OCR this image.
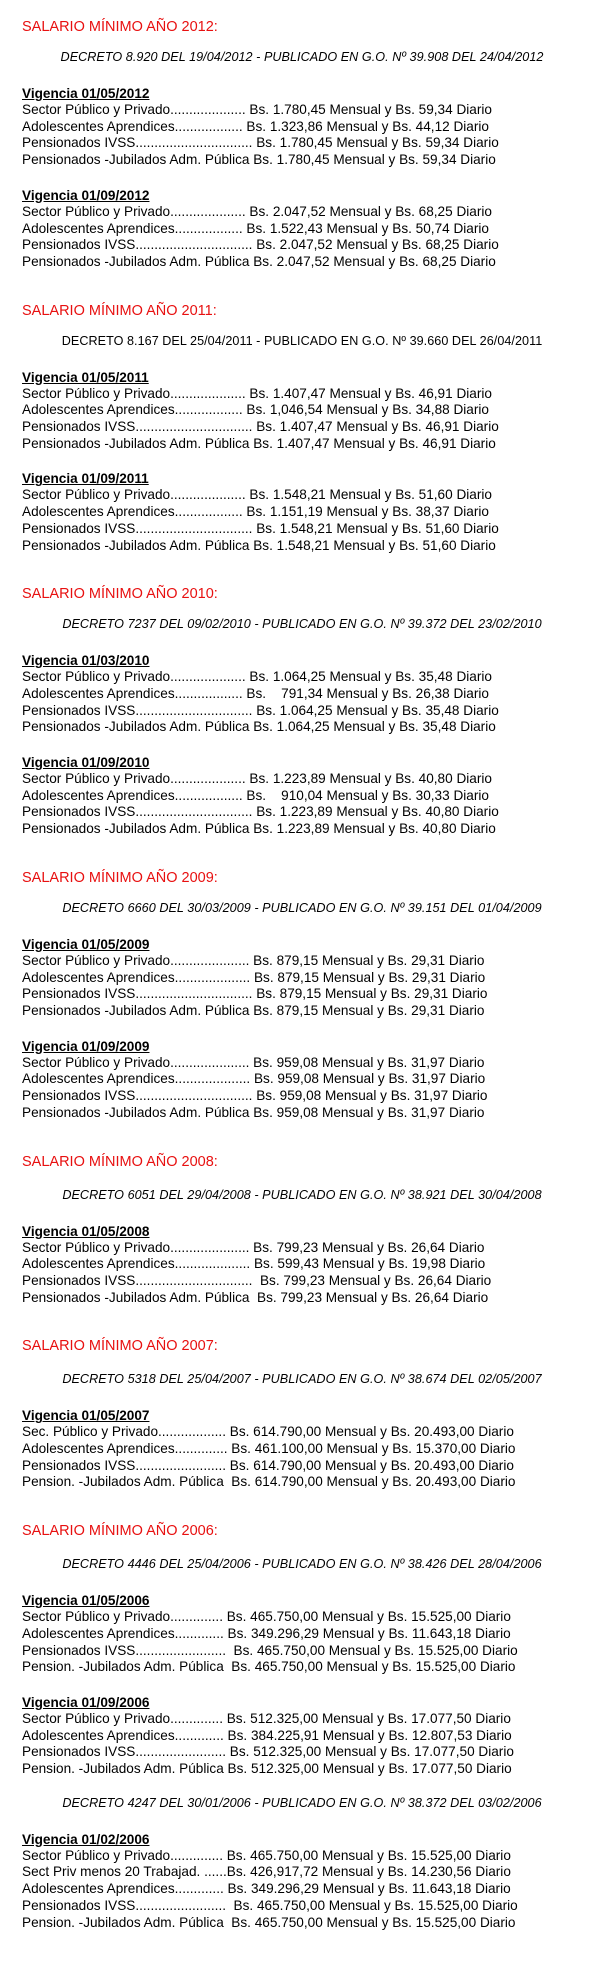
SALARIO MÍNIMO AÑO 2012:
DECRETO 8.920 DEL 19/04/2012 - PUBLICADO EN G.O. Nº 39.908 DEL 24/04/2012
Vigencia 01/05/2012
Sector Público y Privado.................... Bs. 1.780,45 Mensual y Bs. 59,34 Diario
Adolescentes Aprendices.................. Bs. 1.323,86 Mensual y Bs. 44,12 Diario
Pensionados IVSS............................... Bs. 1.780,45 Mensual y Bs. 59,34 Diario
Pensionados -Jubilados Adm. Pública Bs. 1.780,45 Mensual y Bs. 59,34 Diario
Vigencia 01/09/2012
Sector Público y Privado.................... Bs. 2.047,52 Mensual y Bs. 68,25 Diario
Adolescentes Aprendices.................. Bs. 1.522,43 Mensual y Bs. 50,74 Diario
Pensionados IVSS............................... Bs. 2.047,52 Mensual y Bs. 68,25 Diario
Pensionados -Jubilados Adm. Pública Bs. 2.047,52 Mensual y Bs. 68,25 Diario
SALARIO MÍNIMO AÑO 2011:
DECRETO 8.167 DEL 25/04/2011 - PUBLICADO EN G.O. Nº 39.660 DEL 26/04/2011
Vigencia 01/05/2011
Sector Público y Privado.................... Bs. 1.407,47 Mensual y Bs. 46,91 Diario
Adolescentes Aprendices.................. Bs. 1,046,54 Mensual y Bs. 34,88 Diario
Pensionados IVSS............................... Bs. 1.407,47 Mensual y Bs. 46,91 Diario
Pensionados -Jubilados Adm. Pública Bs. 1.407,47 Mensual y Bs. 46,91 Diario
Vigencia 01/09/2011
Sector Público y Privado.................... Bs. 1.548,21 Mensual y Bs. 51,60 Diario
Adolescentes Aprendices.................. Bs. 1.151,19 Mensual y Bs. 38,37 Diario
Pensionados IVSS............................... Bs. 1.548,21 Mensual y Bs. 51,60 Diario
Pensionados -Jubilados Adm. Pública Bs. 1.548,21 Mensual y Bs. 51,60 Diario
SALARIO MÍNIMO AÑO 2010:
DECRETO 7237 DEL 09/02/2010 - PUBLICADO EN G.O. Nº 39.372 DEL 23/02/2010
Vigencia 01/03/2010
Sector Público y Privado.................... Bs. 1.064,25 Mensual y Bs. 35,48 Diario
Adolescentes Aprendices.................. Bs.    791,34 Mensual y Bs. 26,38 Diario
Pensionados IVSS............................... Bs. 1.064,25 Mensual y Bs. 35,48 Diario
Pensionados -Jubilados Adm. Pública Bs. 1.064,25 Mensual y Bs. 35,48 Diario
Vigencia 01/09/2010
Sector Público y Privado.................... Bs. 1.223,89 Mensual y Bs. 40,80 Diario
Adolescentes Aprendices.................. Bs.    910,04 Mensual y Bs. 30,33 Diario
Pensionados IVSS............................... Bs. 1.223,89 Mensual y Bs. 40,80 Diario
Pensionados -Jubilados Adm. Pública Bs. 1.223,89 Mensual y Bs. 40,80 Diario
SALARIO MÍNIMO AÑO 2009:
DECRETO 6660 DEL 30/03/2009 - PUBLICADO EN G.O. Nº 39.151 DEL 01/04/2009
Vigencia 01/05/2009
Sector Público y Privado..................... Bs. 879,15 Mensual y Bs. 29,31 Diario
Adolescentes Aprendices.................... Bs. 879,15 Mensual y Bs. 29,31 Diario
Pensionados IVSS............................... Bs. 879,15 Mensual y Bs. 29,31 Diario
Pensionados -Jubilados Adm. Pública Bs. 879,15 Mensual y Bs. 29,31 Diario
Vigencia 01/09/2009
Sector Público y Privado..................... Bs. 959,08 Mensual y Bs. 31,97 Diario
Adolescentes Aprendices.................... Bs. 959,08 Mensual y Bs. 31,97 Diario
Pensionados IVSS............................... Bs. 959,08 Mensual y Bs. 31,97 Diario
Pensionados -Jubilados Adm. Pública Bs. 959,08 Mensual y Bs. 31,97 Diario
SALARIO MÍNIMO AÑO 2008:
DECRETO 6051 DEL 29/04/2008 - PUBLICADO EN G.O. Nº 38.921 DEL 30/04/2008
Vigencia 01/05/2008
Sector Público y Privado..................... Bs. 799,23 Mensual y Bs. 26,64 Diario
Adolescentes Aprendices.................... Bs. 599,43 Mensual y Bs. 19,98 Diario
Pensionados IVSS...............................  Bs. 799,23 Mensual y Bs. 26,64 Diario
Pensionados -Jubilados Adm. Pública  Bs. 799,23 Mensual y Bs. 26,64 Diario
SALARIO MÍNIMO AÑO 2007:
DECRETO 5318 DEL 25/04/2007 - PUBLICADO EN G.O. Nº 38.674 DEL 02/05/2007
Vigencia 01/05/2007
Sec. Público y Privado.................. Bs. 614.790,00 Mensual y Bs. 20.493,00 Diario
Adolescentes Aprendices.............. Bs. 461.100,00 Mensual y Bs. 15.370,00 Diario
Pensionados IVSS........................ Bs. 614.790,00 Mensual y Bs. 20.493,00 Diario
Pension. -Jubilados Adm. Pública  Bs. 614.790,00 Mensual y Bs. 20.493,00 Diario
SALARIO MÍNIMO AÑO 2006:
DECRETO 4446 DEL 25/04/2006 - PUBLICADO EN G.O. Nº 38.426 DEL 28/04/2006
Vigencia 01/05/2006
Sector Público y Privado.............. Bs. 465.750,00 Mensual y Bs. 15.525,00 Diario
Adolescentes Aprendices............. Bs. 349.296,29 Mensual y Bs. 11.643,18 Diario
Pensionados IVSS........................  Bs. 465.750,00 Mensual y Bs. 15.525,00 Diario
Pension. -Jubilados Adm. Pública  Bs. 465.750,00 Mensual y Bs. 15.525,00 Diario
Vigencia 01/09/2006
Sector Público y Privado.............. Bs. 512.325,00 Mensual y Bs. 17.077,50 Diario
Adolescentes Aprendices............. Bs. 384.225,91 Mensual y Bs. 12.807,53 Diario
Pensionados IVSS........................ Bs. 512.325,00 Mensual y Bs. 17.077,50 Diario
Pension. -Jubilados Adm. Pública Bs. 512.325,00 Mensual y Bs. 17.077,50 Diario
DECRETO 4247 DEL 30/01/2006 - PUBLICADO EN G.O. Nº 38.372 DEL 03/02/2006
Vigencia 01/02/2006
Sector Público y Privado.............. Bs. 465.750,00 Mensual y Bs. 15.525,00 Diario
Sect Priv menos 20 Trabajad. ......Bs. 426,917,72 Mensual y Bs. 14.230,56 Diario
Adolescentes Aprendices............. Bs. 349.296,29 Mensual y Bs. 11.643,18 Diario
Pensionados IVSS........................  Bs. 465.750,00 Mensual y Bs. 15.525,00 Diario
Pension. -Jubilados Adm. Pública  Bs. 465.750,00 Mensual y Bs. 15.525,00 Diario
